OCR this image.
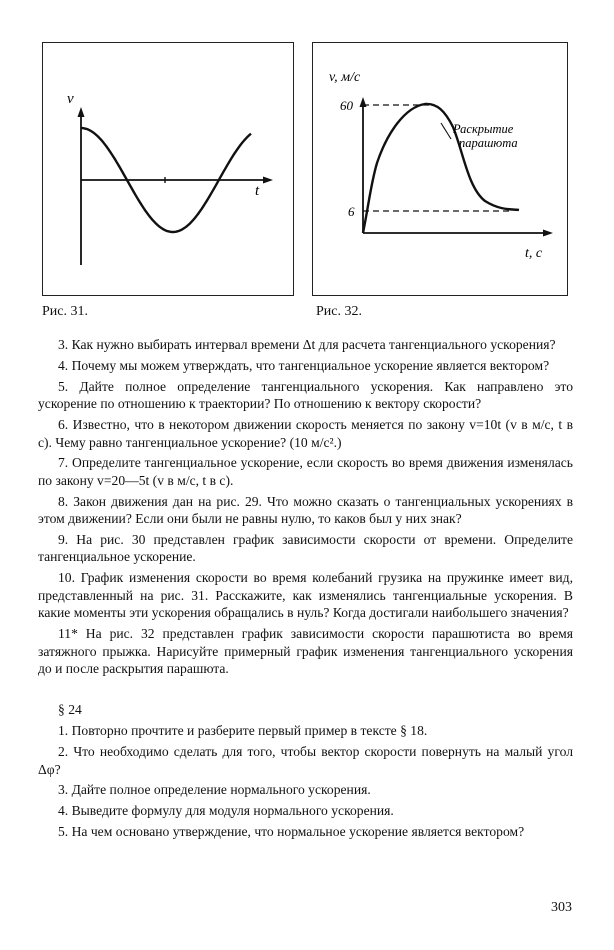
v
t
Рис. 31.
v, м/с
t, с
60
6
Раскрытие
парашюта
Рис. 32.

3. Как нужно выбирать интервал времени Δt для расчета тангенциального ускорения?

4. Почему мы можем утверждать, что тангенциальное ускорение является вектором?

5. Дайте полное определение тангенциального ускорения. Как направлено это ускорение по отношению к траектории? По отношению к вектору скорости?

6. Известно, что в некотором движении скорость меняется по закону v=10t (v в м/с, t в с). Чему равно тангенциальное ускорение? (10 м/с².)

7. Определите тангенциальное ускорение, если скорость во время движения изменялась по закону v=20—5t (v в м/с, t в с).

8. Закон движения дан на рис. 29. Что можно сказать о тангенциальных ускорениях в этом движении? Если они были не равны нулю, то каков был у них знак?

9. На рис. 30 представлен график зависимости скорости от времени. Определите тангенциальное ускорение.

10. График изменения скорости во время колебаний грузика на пружинке имеет вид, представленный на рис. 31. Расскажите, как изменялись тангенциальные ускорения. В какие моменты эти ускорения обращались в нуль? Когда достигали наибольшего значения?

11* На рис. 32 представлен график зависимости скорости парашютиста во время затяжного прыжка. Нарисуйте примерный график изменения тангенциального ускорения до и после раскрытия парашюта.

§ 24

1. Повторно прочтите и разберите первый пример в тексте § 18.

2. Что необходимо сделать для того, чтобы вектор скорости повернуть на малый угол Δφ?

3. Дайте полное определение нормального ускорения.

4. Выведите формулу для модуля нормального ускорения.

5. На чем основано утверждение, что нормальное ускорение является вектором?

303
